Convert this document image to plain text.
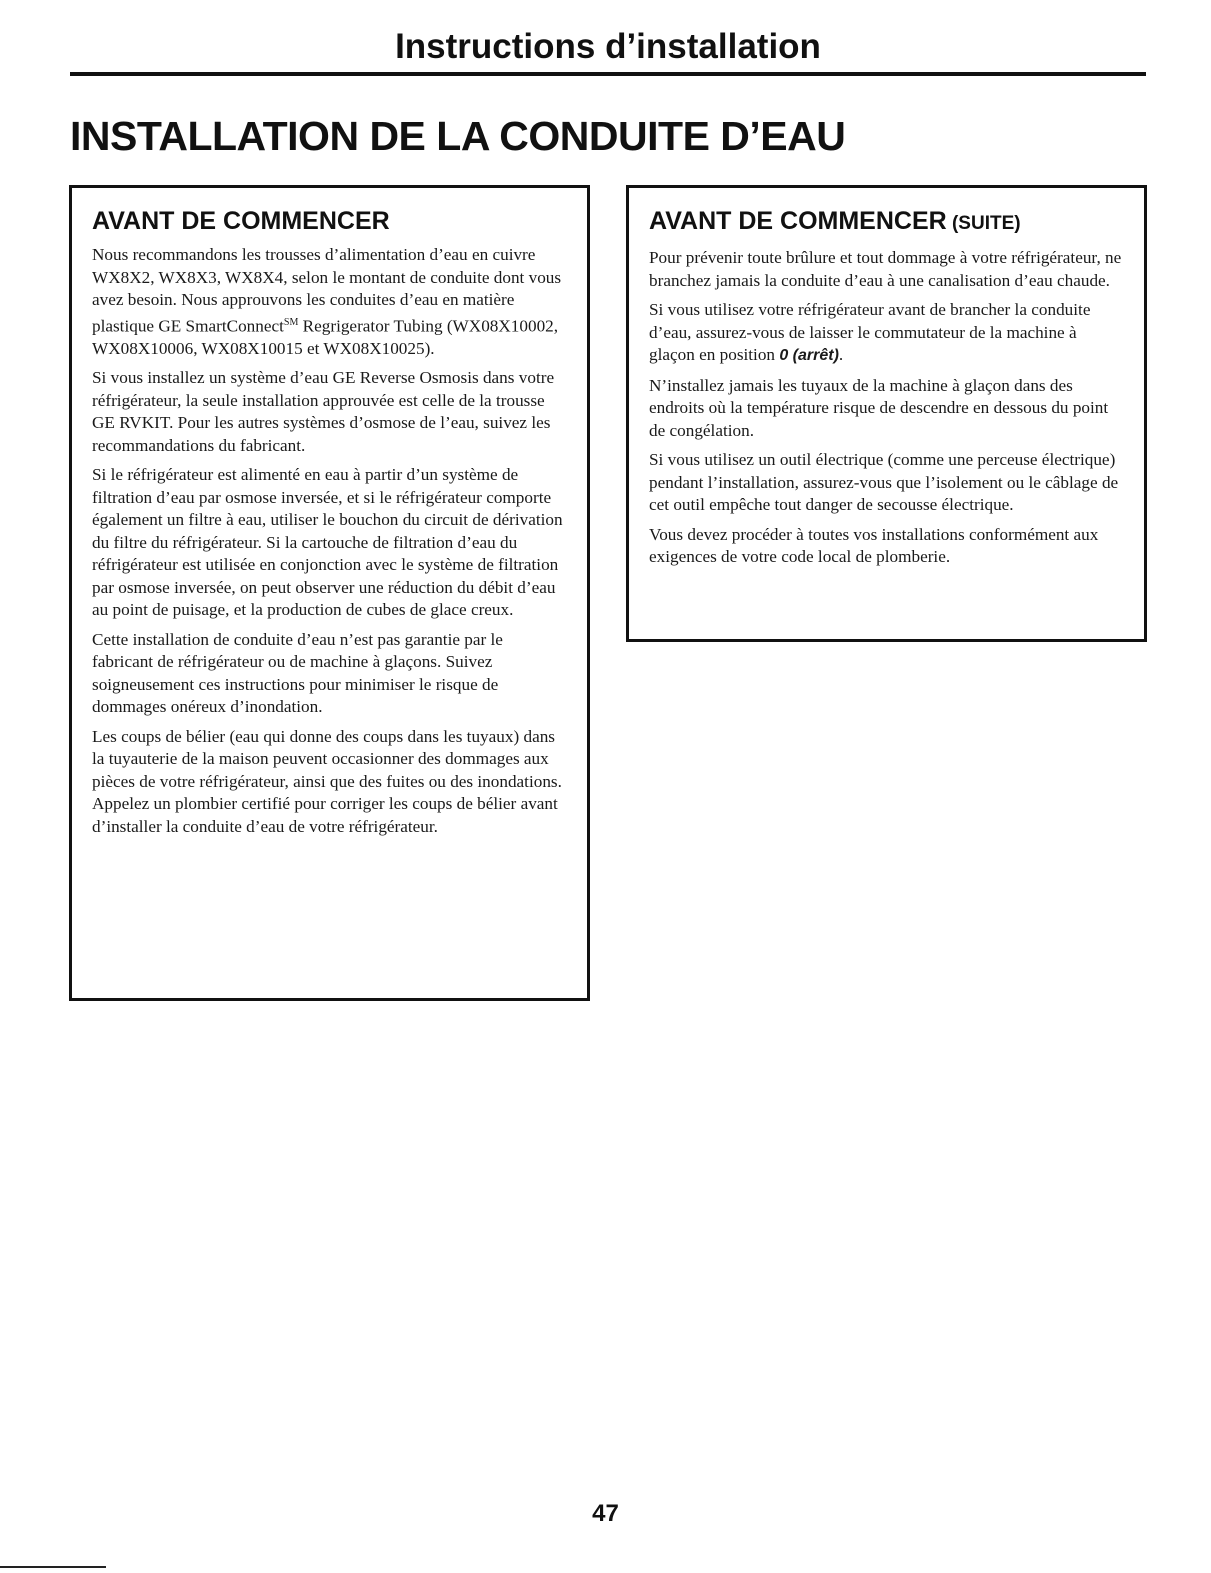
Instructions d’installation
INSTALLATION DE LA CONDUITE D’EAU
AVANT DE COMMENCER

Nous recommandons les trousses d’alimentation d’eau en cuivre WX8X2, WX8X3, WX8X4, selon le montant de conduite dont vous avez besoin. Nous approuvons les conduites d’eau en matière plastique GE SmartConnect℠ Regrigerator Tubing (WX08X10002, WX08X10006, WX08X10015 et WX08X10025).

Si vous installez un système d’eau GE Reverse Osmosis dans votre réfrigérateur, la seule installation approuvée est celle de la trousse GE RVKIT. Pour les autres systèmes d’osmose de l’eau, suivez les recommandations du fabricant.

Si le réfrigérateur est alimenté en eau à partir d’un système de filtration d’eau par osmose inversée, et si le réfrigérateur comporte également un filtre à eau, utiliser le bouchon du circuit de dérivation du filtre du réfrigérateur. Si la cartouche de filtration d’eau du réfrigérateur est utilisée en conjonction avec le système de filtration par osmose inversée, on peut observer une réduction du débit d’eau au point de puisage, et la production de cubes de glace creux.

Cette installation de conduite d’eau n’est pas garantie par le fabricant de réfrigérateur ou de machine à glaçons. Suivez soigneusement ces instructions pour minimiser le risque de dommages onéreux d’inondation.

Les coups de bélier (eau qui donne des coups dans les tuyaux) dans la tuyauterie de la maison peuvent occasionner des dommages aux pièces de votre réfrigérateur, ainsi que des fuites ou des inondations. Appelez un plombier certifié pour corriger les coups de bélier avant d’installer la conduite d’eau de votre réfrigérateur.

AVANT DE COMMENCER (SUITE)

Pour prévenir toute brûlure et tout dommage à votre réfrigérateur, ne branchez jamais la conduite d’eau à une canalisation d’eau chaude.

Si vous utilisez votre réfrigérateur avant de brancher la conduite d’eau, assurez-vous de laisser le commutateur de la machine à glaçon en position 0 (arrêt).

N’installez jamais les tuyaux de la machine à glaçon dans des endroits où la température risque de descendre en dessous du point de congélation.

Si vous utilisez un outil électrique (comme une perceuse électrique) pendant l’installation, assurez-vous que l’isolement ou le câblage de cet outil empêche tout danger de secousse électrique.

Vous devez procéder à toutes vos installations conformément aux exigences de votre code local de plomberie.

47
